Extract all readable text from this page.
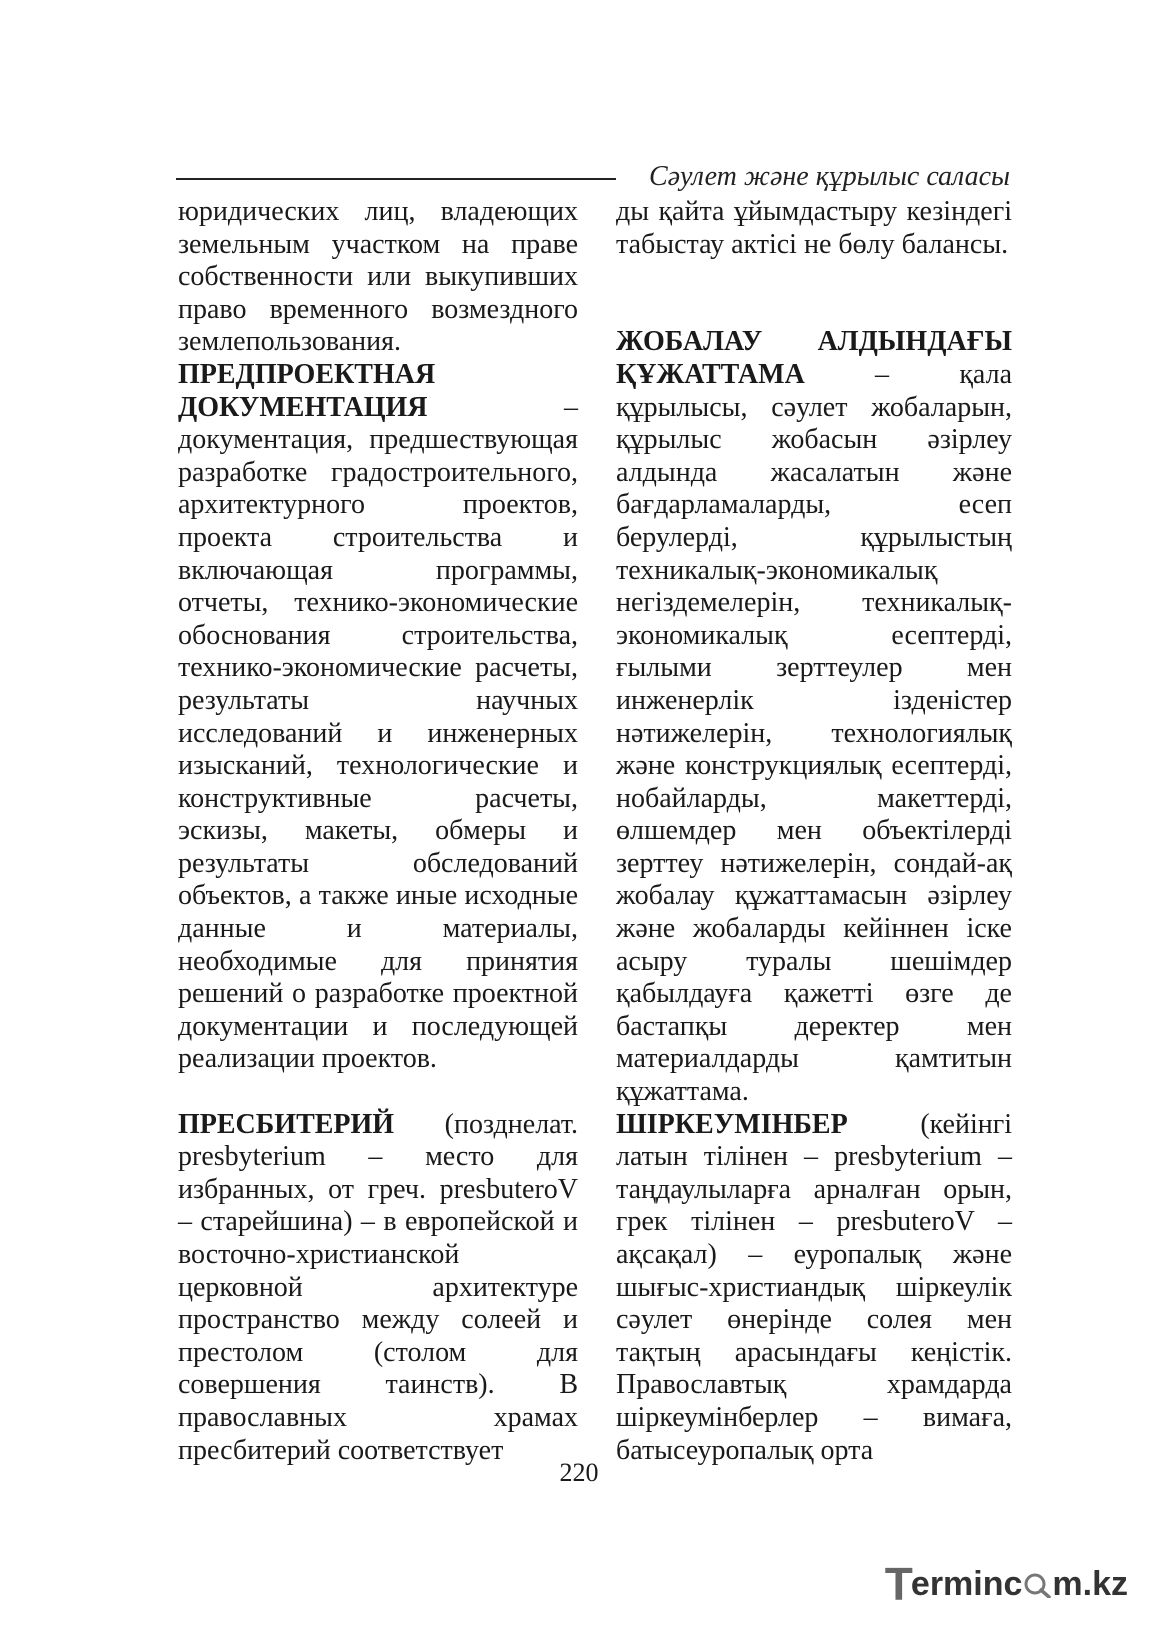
Сәулет және құрылыс саласы

юридических лиц, владеющих земельным участком на праве собственности или выкупивших право временного возмездного землепользования.

ПРЕДПРОЕКТНАЯ ДОКУМЕНТАЦИЯ – документация, предшествующая разработке градостроительного, архитектурного проектов, проекта строительства и включающая программы, отчеты, технико-экономические обоснования строительства, технико-экономические расчеты, результаты научных исследований и инженерных изысканий, технологические и конструктивные расчеты, эскизы, макеты, обмеры и результаты обследований объектов, а также иные исходные данные и материалы, необходимые для принятия решений о разработке проектной документации и последующей реализации проектов.

ПРЕСБИТЕРИЙ (позднелат. presbyterium – место для избранных, от греч. presbuteroV – старейшина) – в европейской и восточно-христианской церковной архитектуре пространство между солеей и престолом (столом для совершения таинств). В православных храмах пресбитерий соответствует

ды қайта ұйымдастыру кезіндегі табыстау актісі не бөлу балансы.

ЖОБАЛАУ АЛДЫНДАҒЫ ҚҰЖАТТАМА – қала құрылысы, сәулет жобаларын, құрылыс жобасын әзірлеу алдында жасалатын және бағдарламаларды, есеп берулерді, құрылыстың техникалық-экономикалық негіздемелерін, техникалық-экономикалық есептерді, ғылыми зерттеулер мен инженерлік ізденістер нәтижелерін, технологиялық және конструкциялық есептерді, нобайларды, макеттерді, өлшемдер мен объектілерді зерттеу нәтижелерін, сондай-ақ жобалау құжаттамасын әзірлеу және жобаларды кейіннен іске асыру туралы шешімдер қабылдауға қажетті өзге де бастапқы деректер мен материалдарды қамтитын құжаттама.

ШІРКЕУМІНБЕР (кейінгі латын тілінен – presbyterium – таңдаулыларға арналған орын, грек тілінен – presbuteroV – ақсақал) – еуропалық және шығыс-христиандық шіркеулік сәулет өнерінде солея мен тақтың арасындағы кеңістік. Православтық храмдарда шіркеумінберлер – вимаға, батысеуропалық орта

220
T
erminc m.kz
